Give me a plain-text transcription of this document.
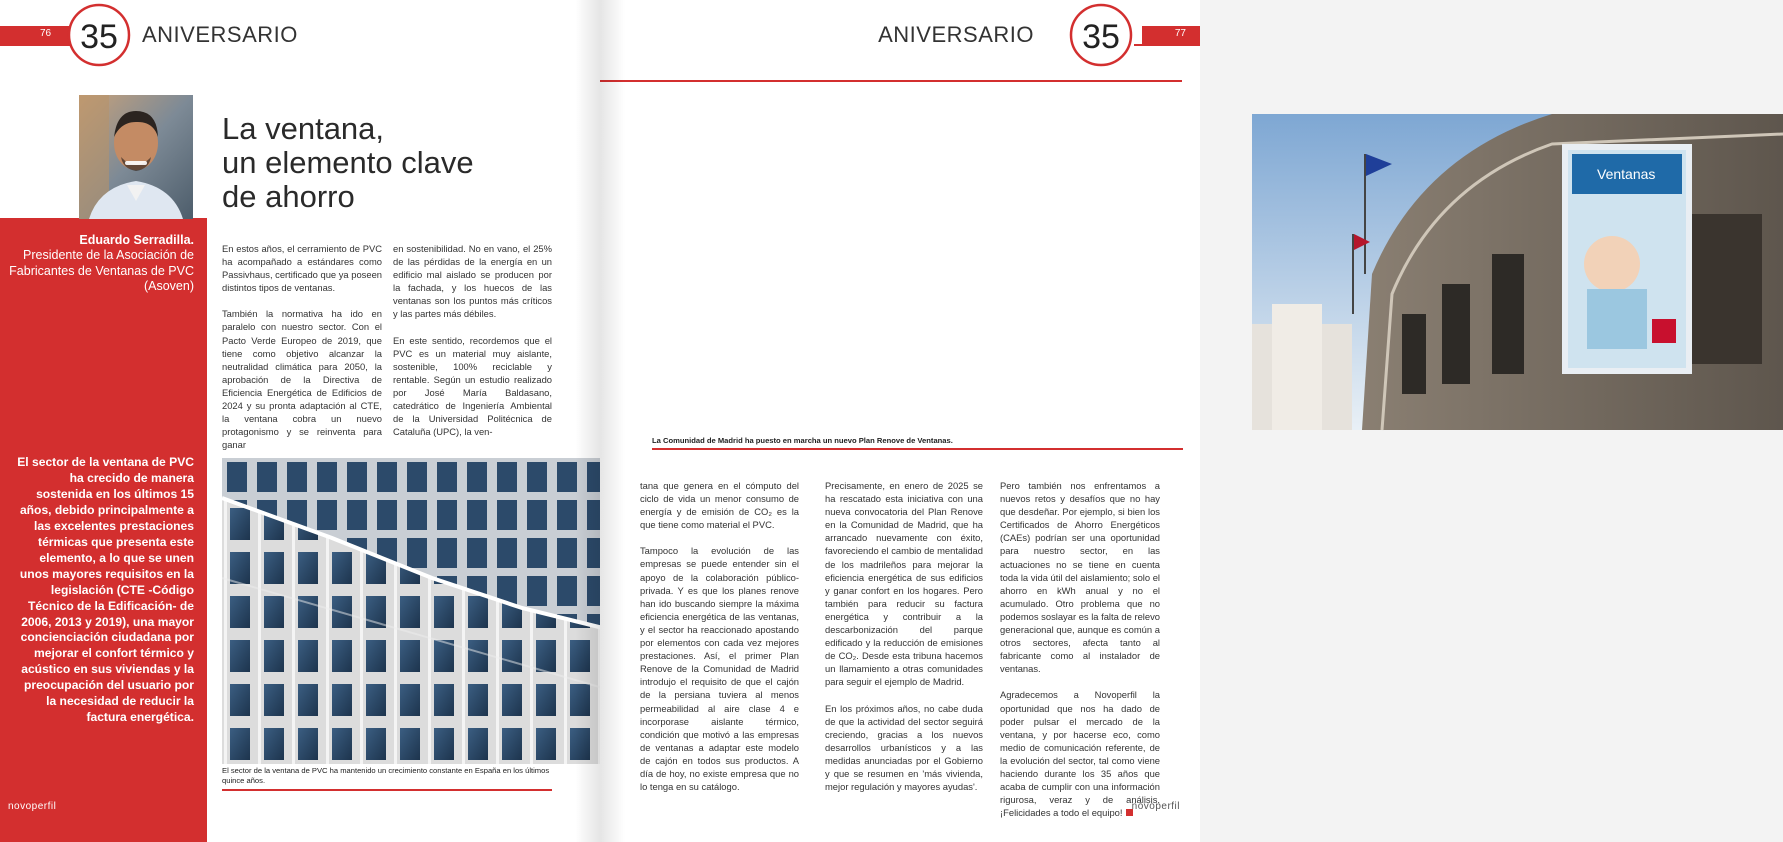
76 35 ANIVERSARIO
Eduardo Serradilla.
Presidente de la Asociación de Fabricantes de Ventanas de PVC (Asoven)
El sector de la ventana de PVC ha crecido de manera sostenida en los últimos 15 años, debido principalmente a las excelentes prestaciones térmicas que presenta este elemento, a lo que se unen unos mayores requisitos en la legislación (CTE -Código Técnico de la Edificación- de 2006, 2013 y 2019), una mayor concienciación ciudadana por mejorar el confort térmico y acústico en sus viviendas y la preocupación del usuario por la necesidad de reducir la factura energética.
novoperfil
La ventana,
un elemento clave
de ahorro

En estos años, el cerramiento de PVC ha acompañado a estándares como Passivhaus, certificado que ya poseen distintos tipos de ventanas.

También la normativa ha ido en paralelo con nuestro sector. Con el Pacto Verde Europeo de 2019, que tiene como objetivo alcanzar la neutralidad climática para 2050, la aprobación de la Directiva de Eficiencia Energética de Edificios de 2024 y su pronta adaptación al CTE, la ventana cobra un nuevo protagonismo y se reinventa para ganar

en sostenibilidad. No en vano, el 25% de las pérdidas de la energía en un edificio mal aislado se producen por la fachada, y los huecos de las ventanas son los puntos más críticos y las partes más débiles.

En este sentido, recordemos que el PVC es un material muy aislante, sostenible, 100% reciclable y rentable. Según un estudio realizado por José María Baldasano, catedrático de Ingeniería Ambiental de la Universidad Politécnica de Cataluña (UPC), la ven-

El sector de la ventana de PVC ha mantenido un crecimiento constante en España en los últimos quince años.
77
35
ANIVERSARIO
Ventanas
La Comunidad de Madrid ha puesto en marcha un nuevo Plan Renove de Ventanas.

tana que genera en el cómputo del ciclo de vida un menor consumo de energía y de emisión de CO₂ es la que tiene como material el PVC.

Tampoco la evolución de las empresas se puede entender sin el apoyo de la colaboración público-privada. Y es que los planes renove han ido buscando siempre la máxima eficiencia energética de las ventanas, y el sector ha reaccionado apostando por elementos con cada vez mejores prestaciones. Así, el primer Plan Renove de la Comunidad de Madrid introdujo el requisito de que el cajón de la persiana tuviera al menos permeabilidad al aire clase 4 e incorporase aislante térmico, condición que motivó a las empresas de ventanas a adaptar este modelo de cajón en todos sus productos. A día de hoy, no existe empresa que no lo tenga en su catálogo.

Precisamente, en enero de 2025 se ha rescatado esta iniciativa con una nueva convocatoria del Plan Renove en la Comunidad de Madrid, que ha arrancado nuevamente con éxito, favoreciendo el cambio de mentalidad de los madrileños para mejorar la eficiencia energética de sus edificios y ganar confort en los hogares. Pero también para reducir su factura energética y contribuir a la descarbonización del parque edificado y la reducción de emisiones de CO₂. Desde esta tribuna hacemos un llamamiento a otras comunidades para seguir el ejemplo de Madrid.

En los próximos años, no cabe duda de que la actividad del sector seguirá creciendo, gracias a los nuevos desarrollos urbanísticos y a las medidas anunciadas por el Gobierno y que se resumen en 'más vivienda, mejor regulación y mayores ayudas'.

Pero también nos enfrentamos a nuevos retos y desafíos que no hay que desdeñar. Por ejemplo, si bien los Certificados de Ahorro Energéticos (CAEs) podrían ser una oportunidad para nuestro sector, en las actuaciones no se tiene en cuenta toda la vida útil del aislamiento; solo el ahorro en kWh anual y no el acumulado. Otro problema que no podemos soslayar es la falta de relevo generacional que, aunque es común a otros sectores, afecta tanto al fabricante como al instalador de ventanas.

Agradecemos a Novoperfil la oportunidad que nos ha dado de poder pulsar el mercado de la ventana, y por hacerse eco, como medio de comunicación referente, de la evolución del sector, tal como viene haciendo durante los 35 años que acaba de cumplir con una información rigurosa, veraz y de análisis. ¡Felicidades a todo el equipo!

novoperfil
